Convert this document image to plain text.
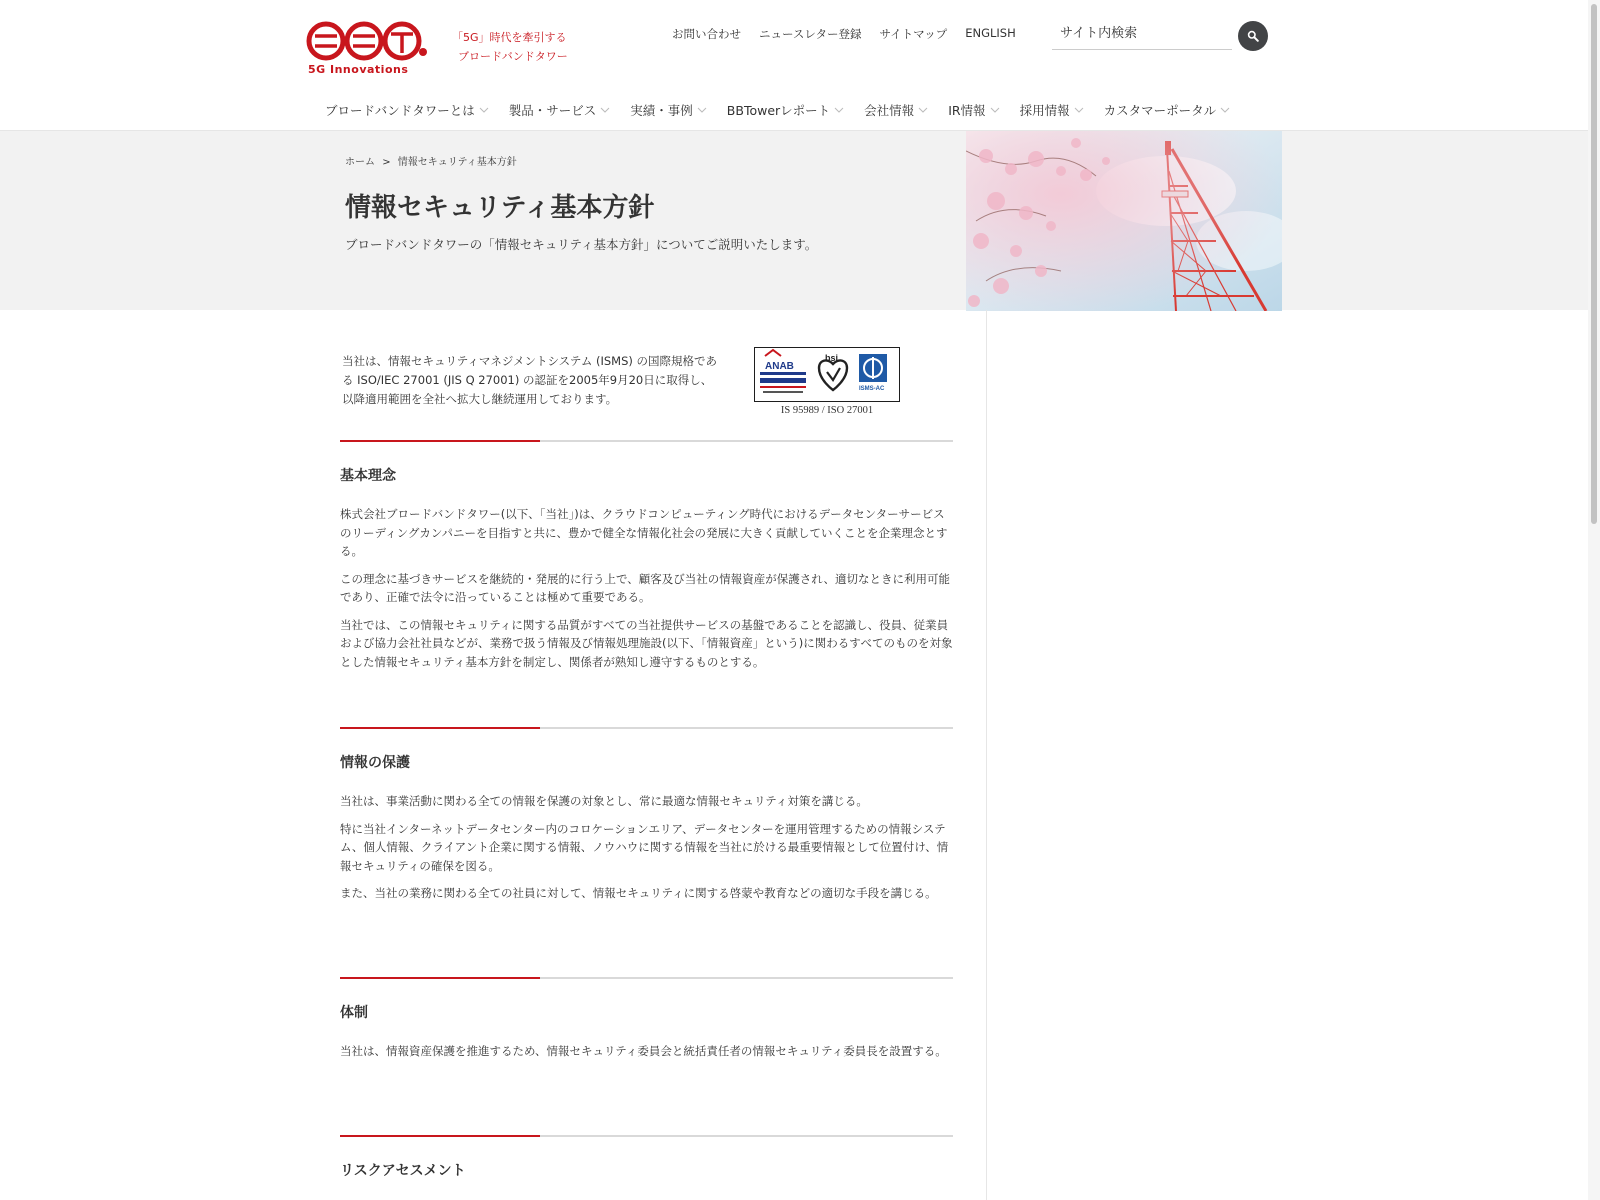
5G Innovations
「5G」時代を牽引する
ブロードバンドタワー
お問い合わせ ニュースレター登録 サイトマップ ENGLISH
サイト内検索
ブロードバンドタワーとは	製品・サービス	実績・事例	BBTowerレポート	会社情報	IR情報	採用情報	カスタマーポータル
ホーム > 情報セキュリティ基本方針
情報セキュリティ基本方針

ブロードバンドタワーの「情報セキュリティ基本方針」についてご説明いたします。

当社は、情報セキュリティマネジメントシステム (ISMS) の国際規格である ISO/IEC 27001 (JIS Q 27001) の認証を2005年9月20日に取得し、以降適用範囲を全社へ拡大し継続運用しております。

ANAB
bsi
ISMS-AC
IS 95989 / ISO 27001
基本理念

株式会社ブロードバンドタワー(以下、「当社」)は、クラウドコンピューティング時代におけるデータセンターサービスのリーディングカンパニーを目指すと共に、豊かで健全な情報化社会の発展に大きく貢献していくことを企業理念とする。

この理念に基づきサービスを継続的・発展的に行う上で、顧客及び当社の情報資産が保護され、適切なときに利用可能であり、正確で法令に沿っていることは極めて重要である。

当社では、この情報セキュリティに関する品質がすべての当社提供サービスの基盤であることを認識し、役員、従業員および協力会社社員などが、業務で扱う情報及び情報処理施設(以下、「情報資産」という)に関わるすべてのものを対象とした情報セキュリティ基本方針を制定し、関係者が熟知し遵守するものとする。

情報の保護

当社は、事業活動に関わる全ての情報を保護の対象とし、常に最適な情報セキュリティ対策を講じる。

特に当社インターネットデータセンター内のコロケーションエリア、データセンターを運用管理するための情報システム、個人情報、クライアント企業に関する情報、ノウハウに関する情報を当社に於ける最重要情報として位置付け、情報セキュリティの確保を図る。

また、当社の業務に関わる全ての社員に対して、情報セキュリティに関する啓蒙や教育などの適切な手段を講じる。

体制

当社は、情報資産保護を推進するため、情報セキュリティ委員会と統括責任者の情報セキュリティ委員長を設置する。

リスクアセスメント
